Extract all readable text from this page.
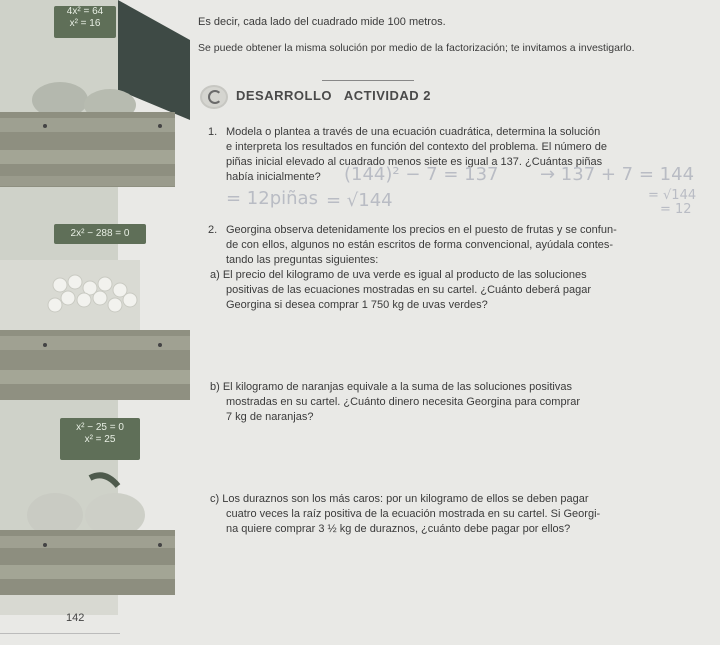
4x² = 64
x² = 16
2x² − 288 = 0
x² − 25 = 0
x² = 25
142
Es decir, cada lado del cuadrado mide 100 metros.
Se puede obtener la misma solución por medio de la factorización; te invitamos a investigarlo.
DESARROLLO ACTIVIDAD 2
1. Modela o plantea a través de una ecuación cuadrática, determina la solución
e interpreta los resultados en función del contexto del problema. El número de
piñas inicial elevado al cuadrado menos siete es igual a 137. ¿Cuántas piñas
había inicialmente? (144)² − 7 = 137 → 137 + 7 = 144
= √144
= 12
= 12piñas = √144
2. Georgina observa detenidamente los precios en el puesto de frutas y se confun-
de con ellos, algunos no están escritos de forma convencional, ayúdala contes-
tando las preguntas siguientes:
a) El precio del kilogramo de uva verde es igual al producto de las soluciones
positivas de las ecuaciones mostradas en su cartel. ¿Cuánto deberá pagar
Georgina si desea comprar 1 750 kg de uvas verdes?
b) El kilogramo de naranjas equivale a la suma de las soluciones positivas
mostradas en su cartel. ¿Cuánto dinero necesita Georgina para comprar
7 kg de naranjas?
c) Los duraznos son los más caros: por un kilogramo de ellos se deben pagar
cuatro veces la raíz positiva de la ecuación mostrada en su cartel. Si Georgi-
na quiere comprar 3 ½ kg de duraznos, ¿cuánto debe pagar por ellos?
